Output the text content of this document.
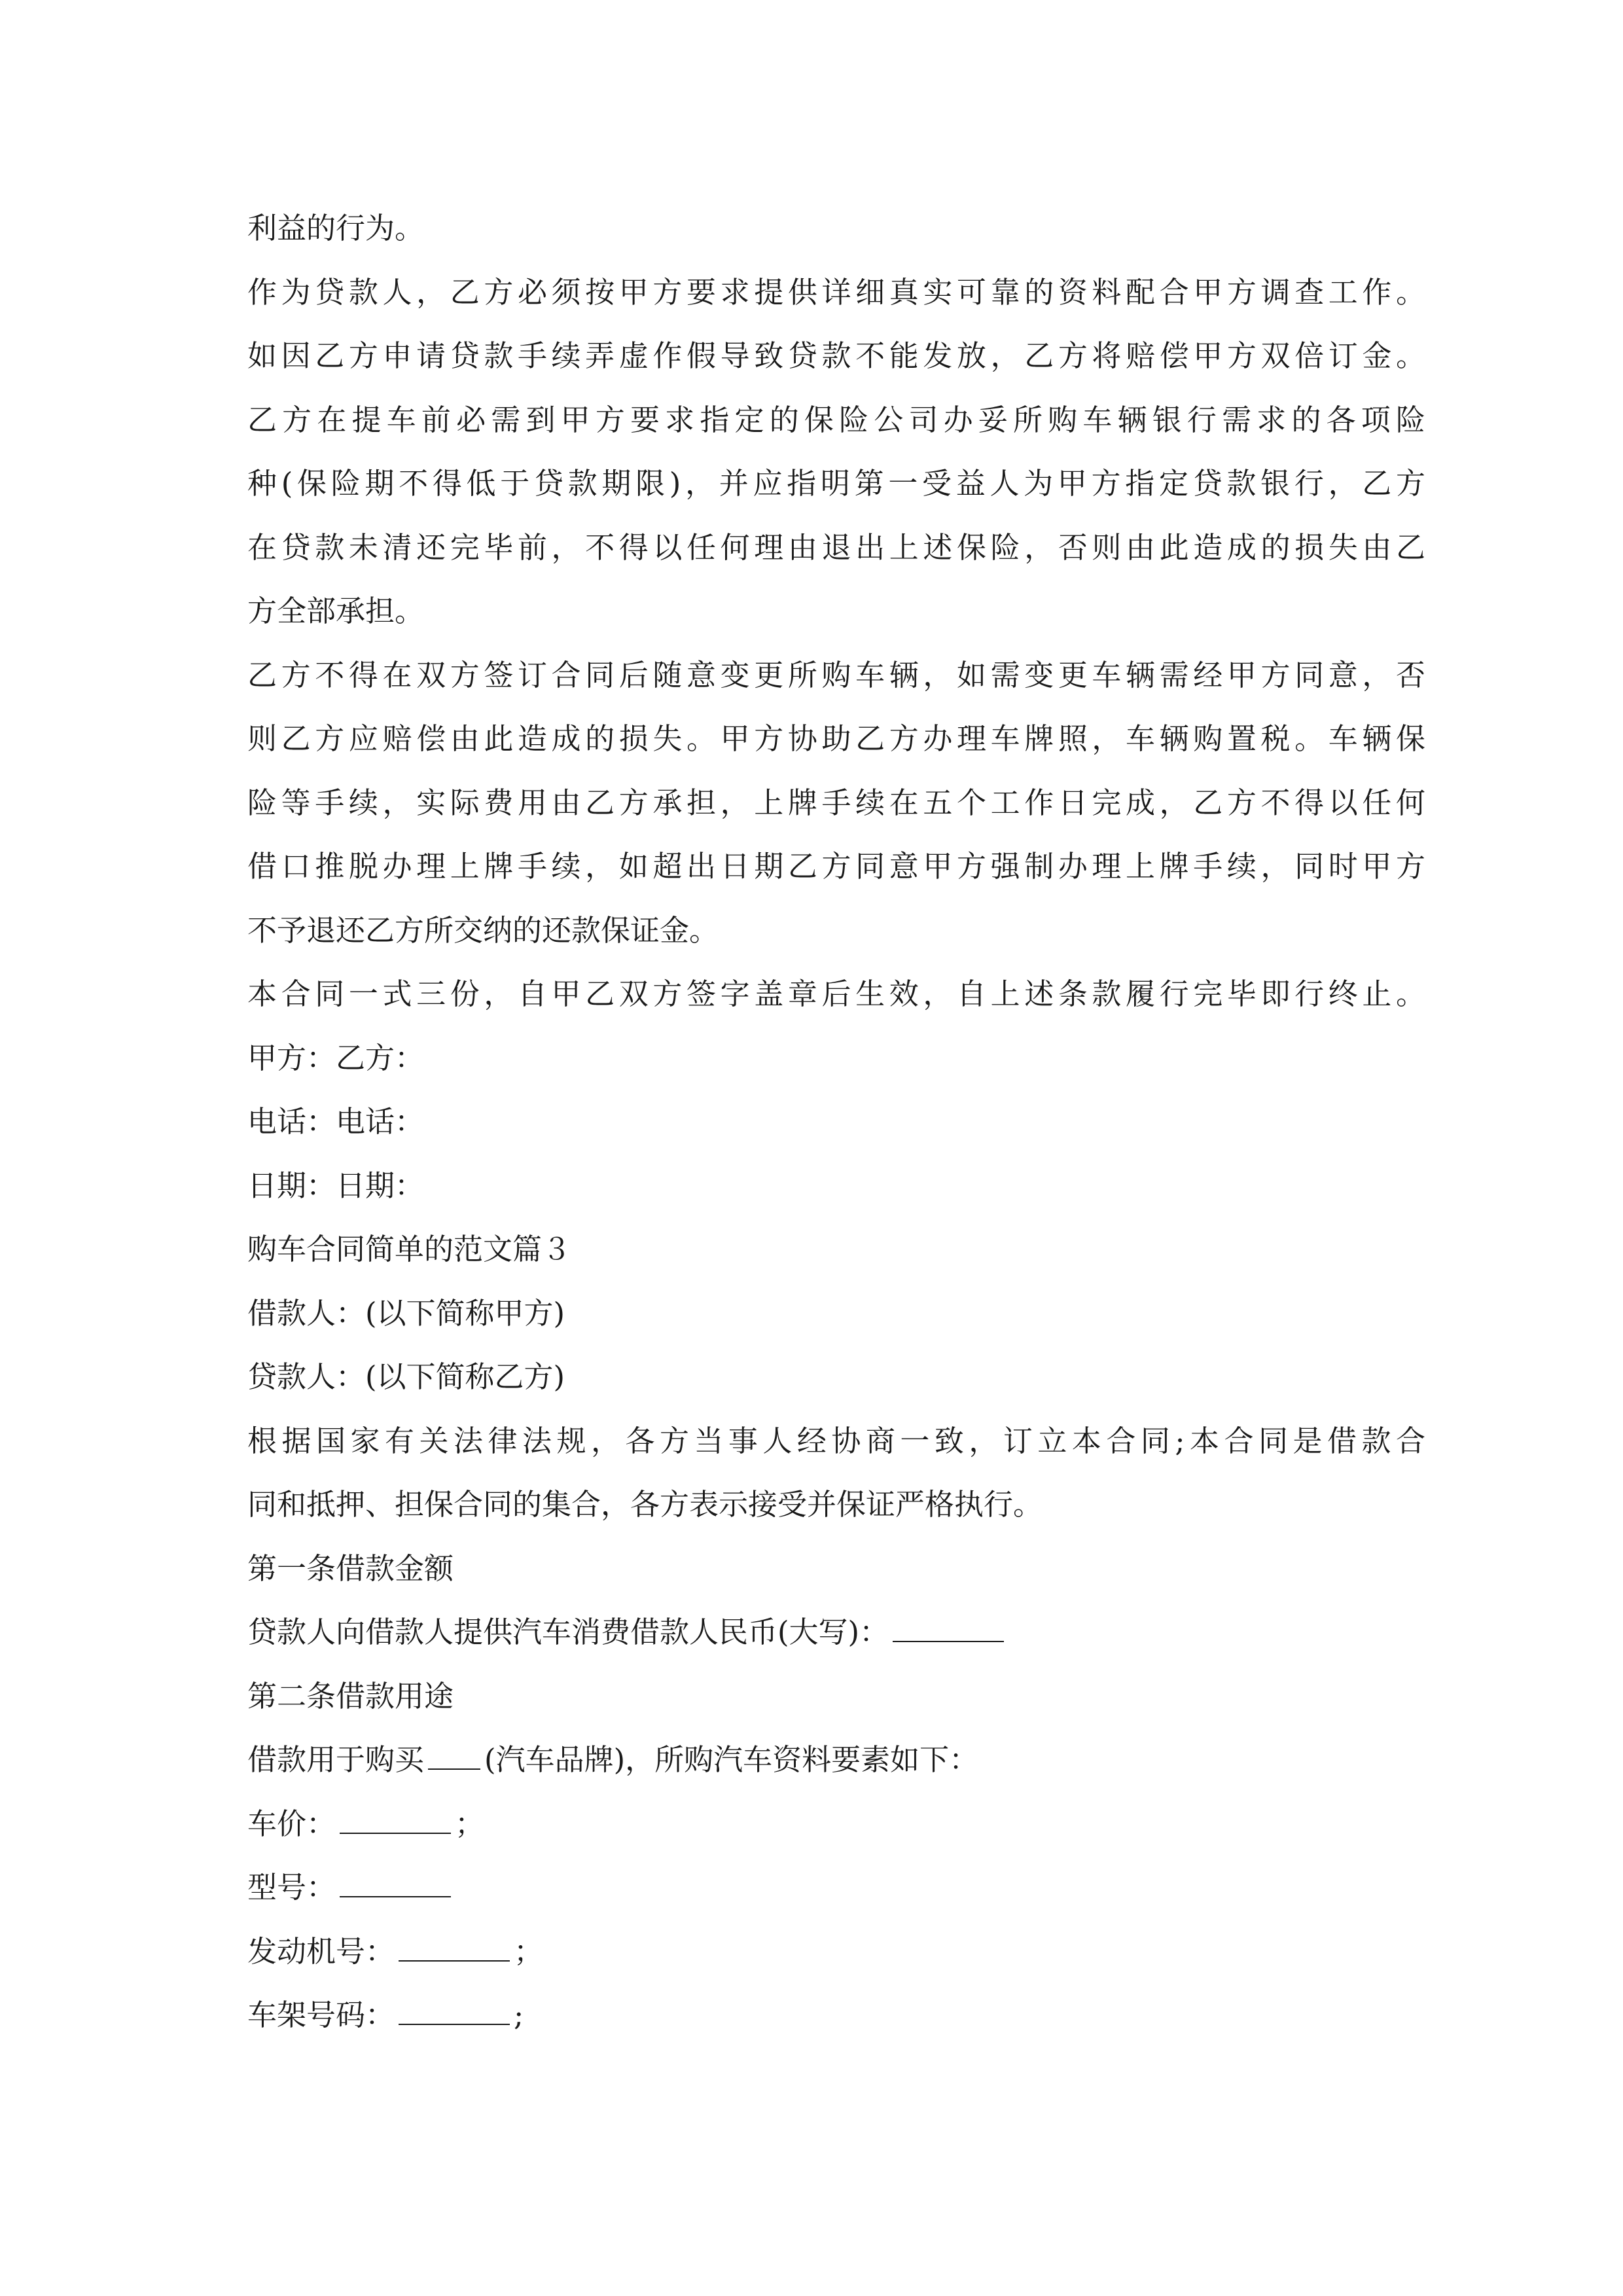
利益的行为。

作为贷款人，乙方必须按甲方要求提供详细真实可靠的资料配合甲方调查工作。

如因乙方申请贷款手续弄虚作假导致贷款不能发放，乙方将赔偿甲方双倍订金。

乙方在提车前必需到甲方要求指定的保险公司办妥所购车辆银行需求的各项险

种(保险期不得低于贷款期限)，并应指明第一受益人为甲方指定贷款银行，乙方

在贷款未清还完毕前，不得以任何理由退出上述保险，否则由此造成的损失由乙

方全部承担。

乙方不得在双方签订合同后随意变更所购车辆，如需变更车辆需经甲方同意，否

则乙方应赔偿由此造成的损失。甲方协助乙方办理车牌照，车辆购置税。车辆保

险等手续，实际费用由乙方承担，上牌手续在五个工作日完成，乙方不得以任何

借口推脱办理上牌手续，如超出日期乙方同意甲方强制办理上牌手续，同时甲方

不予退还乙方所交纳的还款保证金。

本合同一式三份，自甲乙双方签字盖章后生效，自上述条款履行完毕即行终止。

甲方：乙方：

电话：电话：

日期：日期：

购车合同简单的范文篇３

借款人：(以下简称甲方)

贷款人：(以下简称乙方)

根据国家有关法律法规，各方当事人经协商一致，订立本合同;本合同是借款合

同和抵押、担保合同的集合，各方表示接受并保证严格执行。

第一条借款金额

贷款人向借款人提供汽车消费借款人民币(大写)：

第二条借款用途

借款用于购买 (汽车品牌)，所购汽车资料要素如下：

车价：	；

型号：

发动机号：	；

车架号码：	;
